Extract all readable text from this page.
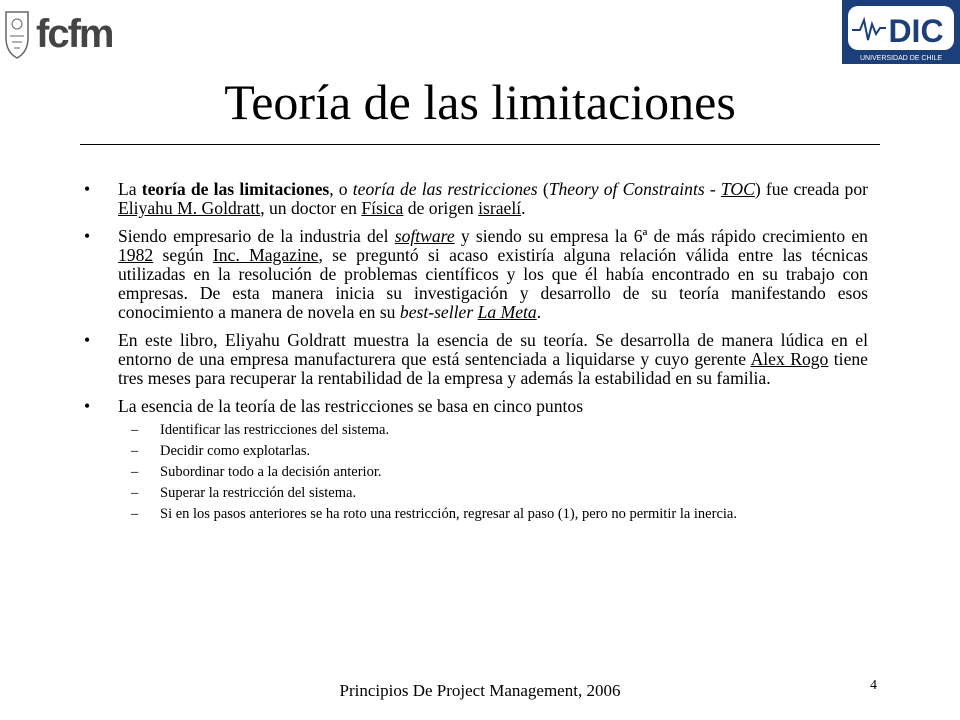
fcfm	DIC
UNIVERSIDAD DE CHILE
Teoría de las limitaciones
• La teoría de las limitaciones, o teoría de las restricciones (Theory of Constraints - TOC) fue creada por Eliyahu M. Goldratt, un doctor en Física de origen israelí.
• Siendo empresario de la industria del software y siendo su empresa la 6ª de más rápido crecimiento en 1982 según Inc. Magazine, se preguntó si acaso existiría alguna relación válida entre las técnicas utilizadas en la resolución de problemas científicos y los que él había encontrado en su trabajo con empresas. De esta manera inicia su investigación y desarrollo de su teoría manifestando esos conocimiento a manera de novela en su best-seller La Meta.
• En este libro, Eliyahu Goldratt muestra la esencia de su teoría. Se desarrolla de manera lúdica en el entorno de una empresa manufacturera que está sentenciada a liquidarse y cuyo gerente Alex Rogo tiene tres meses para recuperar la rentabilidad de la empresa y además la estabilidad en su familia.
• La esencia de la teoría de las restricciones se basa en cinco puntos
– Identificar las restricciones del sistema.
– Decidir como explotarlas.
– Subordinar todo a la decisión anterior.
– Superar la restricción del sistema.
– Si en los pasos anteriores se ha roto una restricción, regresar al paso (1), pero no permitir la inercia.
Principios De Project Management, 2006	4
